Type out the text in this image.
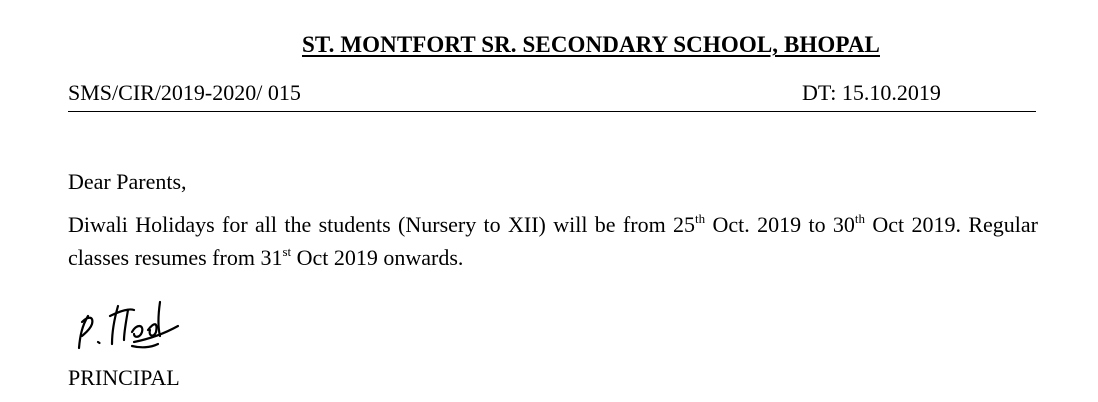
ST. MONTFORT SR. SECONDARY SCHOOL, BHOPAL
SMS/CIR/2019-2020/ 015	DT: 15.10.2019
Dear Parents,
Diwali Holidays for all the students (Nursery to XII) will be from 25th Oct. 2019 to 30th Oct 2019. Regular classes resumes from 31st Oct 2019 onwards.
PRINCIPAL
